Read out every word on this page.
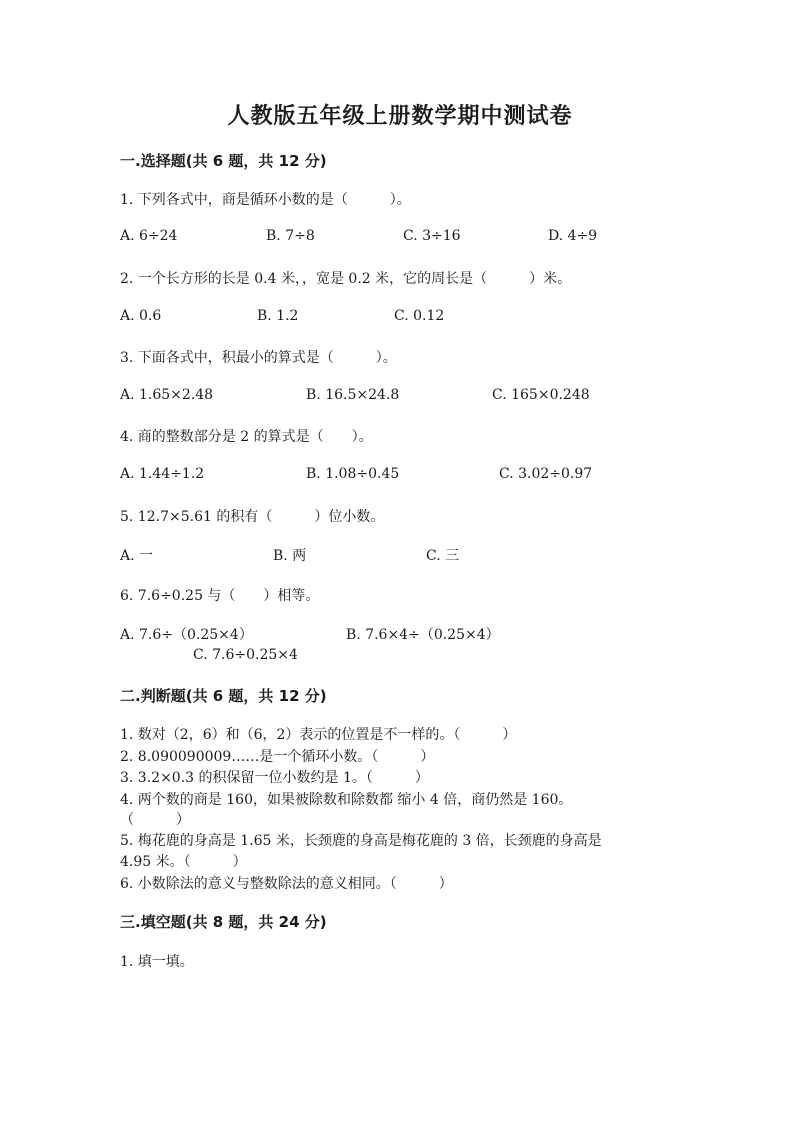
人教版五年级上册数学期中测试卷
一.选择题(共 6 题，共 12 分)
1. 下列各式中，商是循环小数的是（　　　）。
A. 6÷24	B. 7÷8	C. 3÷16	D. 4÷9
2. 一个长方形的长是 0.4 米，，宽是 0.2 米，它的周长是（　　　）米。
A. 0.6	B. 1.2	C. 0.12
3. 下面各式中，积最小的算式是（　　　）。
A. 1.65×2.48	B. 16.5×24.8	C. 165×0.248
4. 商的整数部分是 2 的算式是（　　）。
A. 1.44÷1.2	B. 1.08÷0.45	C. 3.02÷0.97
5. 12.7×5.61 的积有（　　　）位小数。
A. 一	B. 两	C. 三
6. 7.6÷0.25 与（　　）相等。
A. 7.6÷（0.25×4）	B. 7.6×4÷（0.25×4）
C. 7.6÷0.25×4
二.判断题(共 6 题，共 12 分)
1. 数对（2，6）和（6，2）表示的位置是不一样的。（　　　）
2. 8.090090009……是一个循环小数。（　　　）
3. 3.2×0.3 的积保留一位小数约是 1。（　　　）
4. 两个数的商是 160，如果被除数和除数都 缩小 4 倍，商仍然是 160。
（　　　）
5. 梅花鹿的身高是 1.65 米，长颈鹿的身高是梅花鹿的 3 倍，长颈鹿的身高是
4.95 米。（　　　）
6. 小数除法的意义与整数除法的意义相同。（　　　）
三.填空题(共 8 题，共 24 分)
1. 填一填。
